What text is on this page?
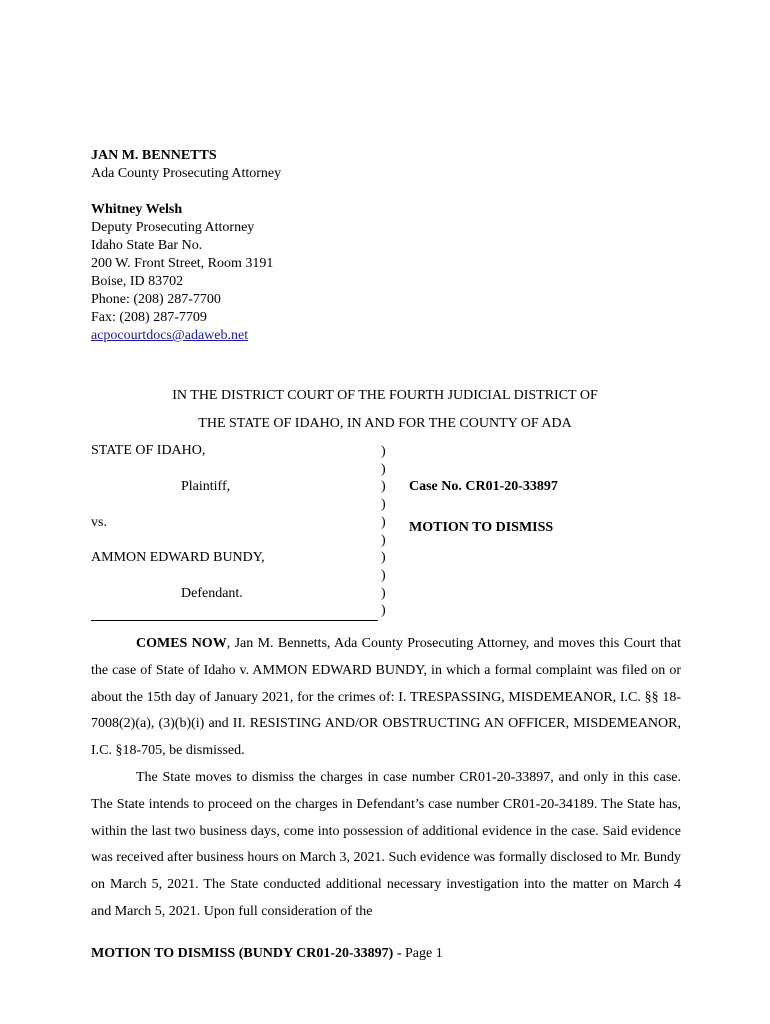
JAN M. BENNETTS
Ada County Prosecuting Attorney
Whitney Welsh
Deputy Prosecuting Attorney
Idaho State Bar No.
200 W. Front Street, Room 3191
Boise, ID 83702
Phone: (208) 287-7700
Fax: (208) 287-7709
acpocourtdocs@adaweb.net
IN THE DISTRICT COURT OF THE FOURTH JUDICIAL DISTRICT OF
THE STATE OF IDAHO, IN AND FOR THE COUNTY OF ADA
STATE OF IDAHO,
Plaintiff,
vs.
AMMON EDWARD BUNDY,
Defendant.
)
)
)
)
)
)
)
)
)
)
Case No. CR01-20-33897
MOTION TO DISMISS

COMES NOW, Jan M. Bennetts, Ada County Prosecuting Attorney, and moves this Court that the case of State of Idaho v. AMMON EDWARD BUNDY, in which a formal complaint was filed on or about the 15th day of January 2021, for the crimes of: I. TRESPASSING, MISDEMEANOR, I.C. §§ 18-7008(2)(a), (3)(b)(i) and II. RESISTING AND/OR OBSTRUCTING AN OFFICER, MISDEMEANOR, I.C. §18-705, be dismissed.

The State moves to dismiss the charges in case number CR01-20-33897, and only in this case. The State intends to proceed on the charges in Defendant’s case number CR01-20-34189. The State has, within the last two business days, come into possession of additional evidence in the case. Said evidence was received after business hours on March 3, 2021. Such evidence was formally disclosed to Mr. Bundy on March 5, 2021. The State conducted additional necessary investigation into the matter on March 4 and March 5, 2021. Upon full consideration of the

MOTION TO DISMISS (BUNDY CR01-20-33897) - Page 1
